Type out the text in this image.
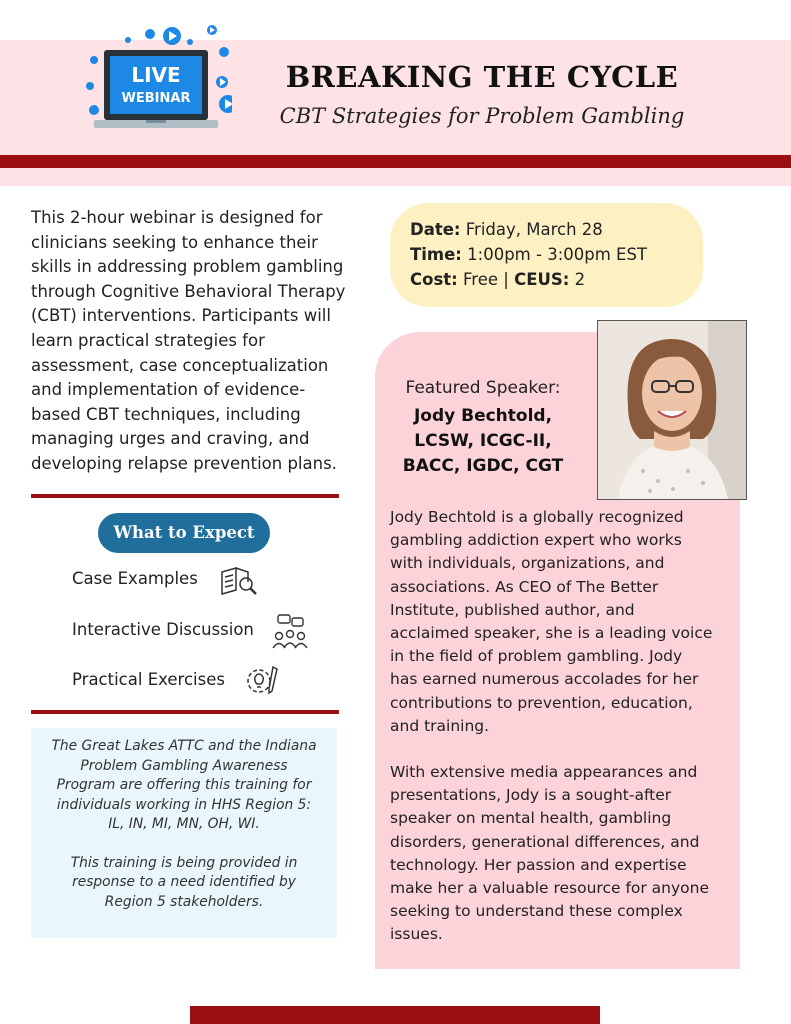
LIVE
WEBINAR
BREAKING THE CYCLE
CBT Strategies for Problem Gambling
This 2-hour webinar is designed for
clinicians seeking to enhance their
skills in addressing problem gambling
through Cognitive Behavioral Therapy
(CBT) interventions. Participants will
learn practical strategies for
assessment, case conceptualization
and implementation of evidence-
based CBT techniques, including
managing urges and craving, and
developing relapse prevention plans.
What to Expect
Case Examples
Interactive Discussion
Practical Exercises

The Great Lakes ATTC and the Indiana
Problem Gambling Awareness
Program are offering this training for
individuals working in HHS Region 5:
IL, IN, MI, MN, OH, WI.

This training is being provided in
response to a need identified by
Region 5 stakeholders.

Date: Friday, March 28
Time: 1:00pm - 3:00pm EST
Cost: Free | CEUS: 2
Featured Speaker:
Jody Bechtold,
LCSW, ICGC-II,
BACC, IGDC, CGT
Jody Bechtold is a globally recognized
gambling addiction expert who works
with individuals, organizations, and
associations. As CEO of The Better
Institute, published author, and
acclaimed speaker, she is a leading voice
in the field of problem gambling. Jody
has earned numerous accolades for her
contributions to prevention, education,
and training.
With extensive media appearances and
presentations, Jody is a sought-after
speaker on mental health, gambling
disorders, generational differences, and
technology. Her passion and expertise
make her a valuable resource for anyone
seeking to understand these complex
issues.
